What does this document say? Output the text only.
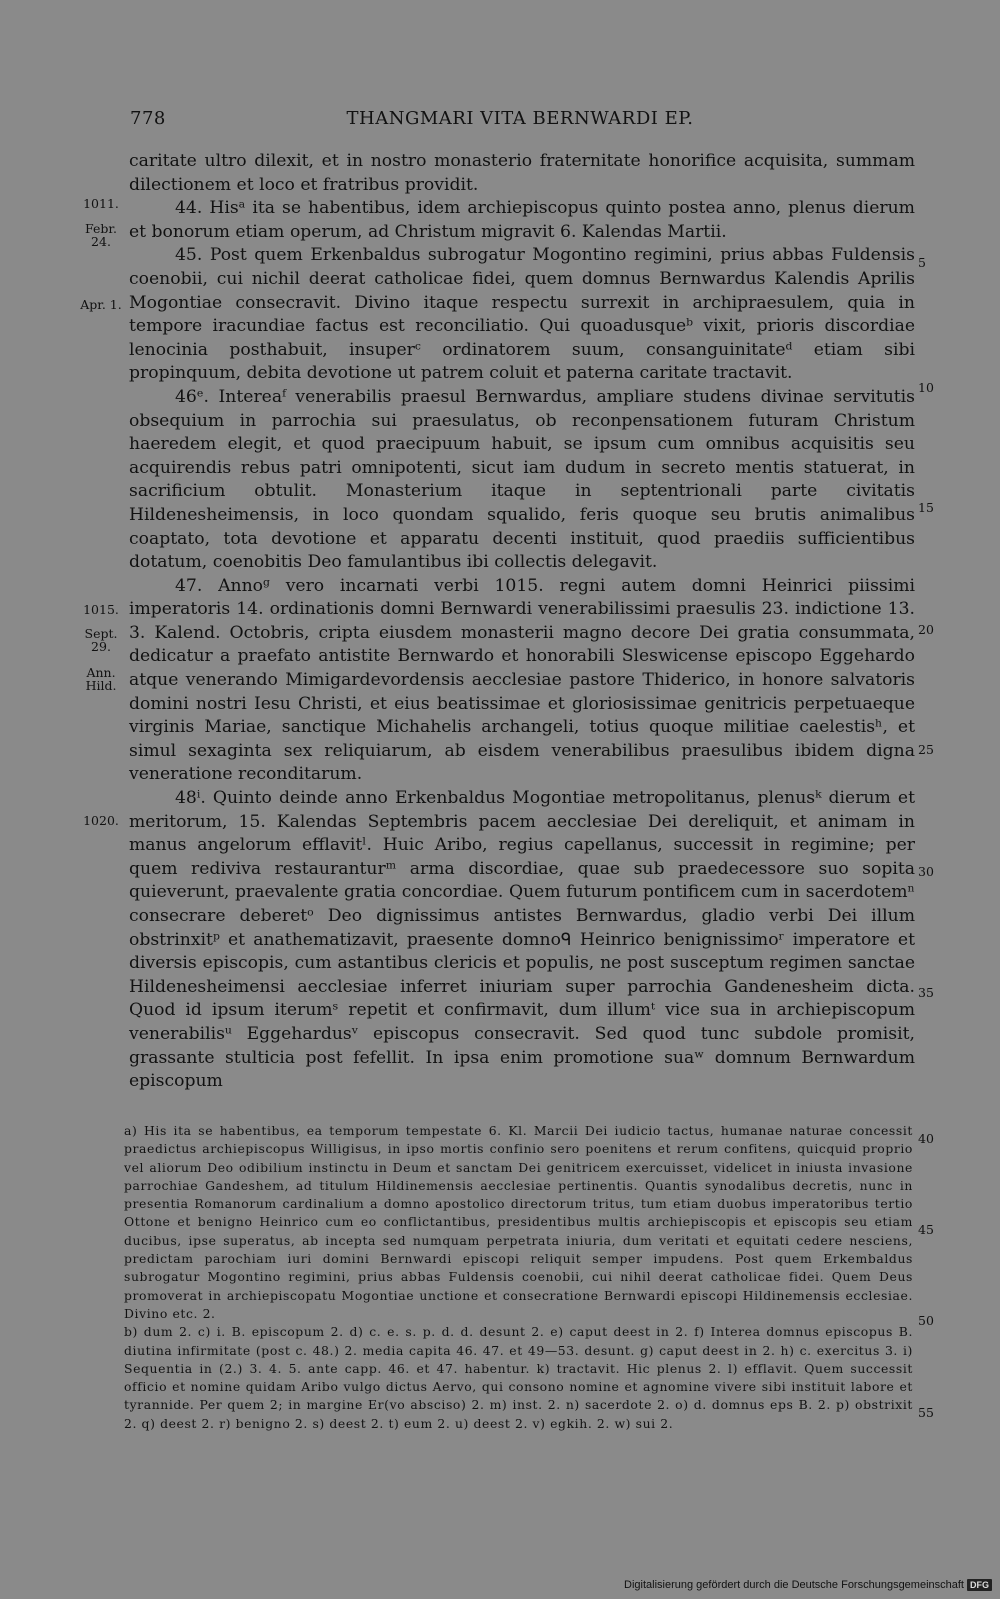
778	THANGMARI VITA BERNWARDI EP.

caritate ultro dilexit, et in nostro monasterio fraternitate honorifice acquisita, summam dilectionem et loco et fratribus providit.

44. Hisᵃ ita se habentibus, idem archiepiscopus quinto postea anno, plenus dierum et bonorum etiam operum, ad Christum migravit 6. Kalendas Martii.

45. Post quem Erkenbaldus subrogatur Mogontino regimini, prius abbas Fuldensis coenobii, cui nichil deerat catholicae fidei, quem domnus Bernwardus Kalendis Aprilis Mogontiae consecravit. Divino itaque respectu surrexit in archipraesulem, quia in tempore iracundiae factus est reconciliatio. Qui quoadusqueᵇ vixit, prioris discordiae lenocinia posthabuit, insuperᶜ ordinatorem suum, consanguinitateᵈ etiam sibi propinquum, debita devotione ut patrem coluit et paterna caritate tractavit.

46ᵉ. Intereaᶠ venerabilis praesul Bernwardus, ampliare studens divinae servitutis obsequium in parrochia sui praesulatus, ob reconpensationem futuram Christum haeredem elegit, et quod praecipuum habuit, se ipsum cum omnibus acquisitis seu acquirendis rebus patri omnipotenti, sicut iam dudum in secreto mentis statuerat, in sacrificium obtulit. Monasterium itaque in septentrionali parte civitatis Hildenesheimensis, in loco quondam squalido, feris quoque seu brutis animalibus coaptato, tota devotione et apparatu decenti instituit, quod praediis sufficientibus dotatum, coenobitis Deo famulantibus ibi collectis delegavit.

47. Annoᵍ vero incarnati verbi 1015. regni autem domni Heinrici piissimi imperatoris 14. ordinationis domni Bernwardi venerabilissimi praesulis 23. indictione 13. 3. Kalend. Octobris, cripta eiusdem monasterii magno decore Dei gratia consummata, dedicatur a praefato antistite Bernwardo et honorabili Sleswicense episcopo Eggehardo atque venerando Mimigardevordensis aecclesiae pastore Thiderico, in honore salvatoris domini nostri Iesu Christi, et eius beatissimae et gloriosissimae genitricis perpetuaeque virginis Mariae, sanctique Michahelis archangeli, totius quoque militiae caelestisʰ, et simul sexaginta sex reliquiarum, ab eisdem venerabilibus praesulibus ibidem digna veneratione reconditarum.

48ⁱ. Quinto deinde anno Erkenbaldus Mogontiae metropolitanus, plenusᵏ dierum et meritorum, 15. Kalendas Septembris pacem aecclesiae Dei dereliquit, et animam in manus angelorum efflavitˡ. Huic Aribo, regius capellanus, successit in regimine; per quem rediviva restauranturᵐ arma discordiae, quae sub praedecessore suo sopita quieverunt, praevalente gratia concordiae. Quem futurum pontificem cum in sacerdotemⁿ consecrare deberetᵒ Deo dignissimus antistes Bernwardus, gladio verbi Dei illum obstrinxitᵖ et anathematizavit, praesente domnoᑫ Heinrico benignissimoʳ imperatore et diversis episcopis, cum astantibus clericis et populis, ne post susceptum regimen sanctae Hildenesheimensi aecclesiae inferret iniuriam super parrochia Gandenesheim dicta. Quod id ipsum iterumˢ repetit et confirmavit, dum illumᵗ vice sua in archiepiscopum venerabilisᵘ Eggehardusᵛ episcopus consecravit. Sed quod tunc subdole promisit, grassante stulticia post fefellit. In ipsa enim promotione suaʷ domnum Bernwardum episcopum

1011.
Febr. 24.
Apr. 1.
1015.
Sept. 29.
Ann. Hild.
1020.
5
10
15
20
25
30
35

a) His ita se habentibus, ea temporum tempestate 6. Kl. Marcii Dei iudicio tactus, humanae naturae concessit praedictus archiepiscopus Willigisus, in ipso mortis confinio sero poenitens et rerum confitens, quicquid proprio vel aliorum Deo odibilium instinctu in Deum et sanctam Dei genitricem exercuisset, videlicet in iniusta invasione parrochiae Gandeshem, ad titulum Hildinemensis aecclesiae pertinentis. Quantis synodalibus decretis, nunc in presentia Romanorum cardinalium a domno apostolico directorum tritus, tum etiam duobus imperatoribus tertio Ottone et benigno Heinrico cum eo conflictantibus, presidentibus multis archiepiscopis et episcopis seu etiam ducibus, ipse superatus, ab incepta sed numquam perpetrata iniuria, dum veritati et equitati cedere nesciens, predictam parochiam iuri domini Bernwardi episcopi reliquit semper impudens. Post quem Erkembaldus subrogatur Mogontino regimini, prius abbas Fuldensis coenobii, cui nihil deerat catholicae fidei. Quem Deus promoverat in archiepiscopatu Mogontiae unctione et consecratione Bernwardi episcopi Hildinemensis ecclesiae. Divino etc. 2.

b) dum 2. c) i. B. episcopum 2. d) c. e. s. p. d. d. desunt 2. e) caput deest in 2. f) Interea domnus episcopus B. diutina infirmitate (post c. 48.) 2. media capita 46. 47. et 49—53. desunt. g) caput deest in 2. h) c. exercitus 3. i) Sequentia in (2.) 3. 4. 5. ante capp. 46. et 47. habentur. k) tractavit. Hic plenus 2. l) efflavit. Quem successit officio et nomine quidam Aribo vulgo dictus Aervo, qui consono nomine et agnomine vivere sibi instituit labore et tyrannide. Per quem 2; in margine Er(vo absciso) 2. m) inst. 2. n) sacerdote 2. o) d. domnus eps B. 2. p) obstrixit 2. q) deest 2. r) benigno 2. s) deest 2. t) eum 2. u) deest 2. v) egkih. 2. w) sui 2.

40
45
50
55
Digitalisierung gefördert durch die Deutsche Forschungsgemeinschaft DFG
